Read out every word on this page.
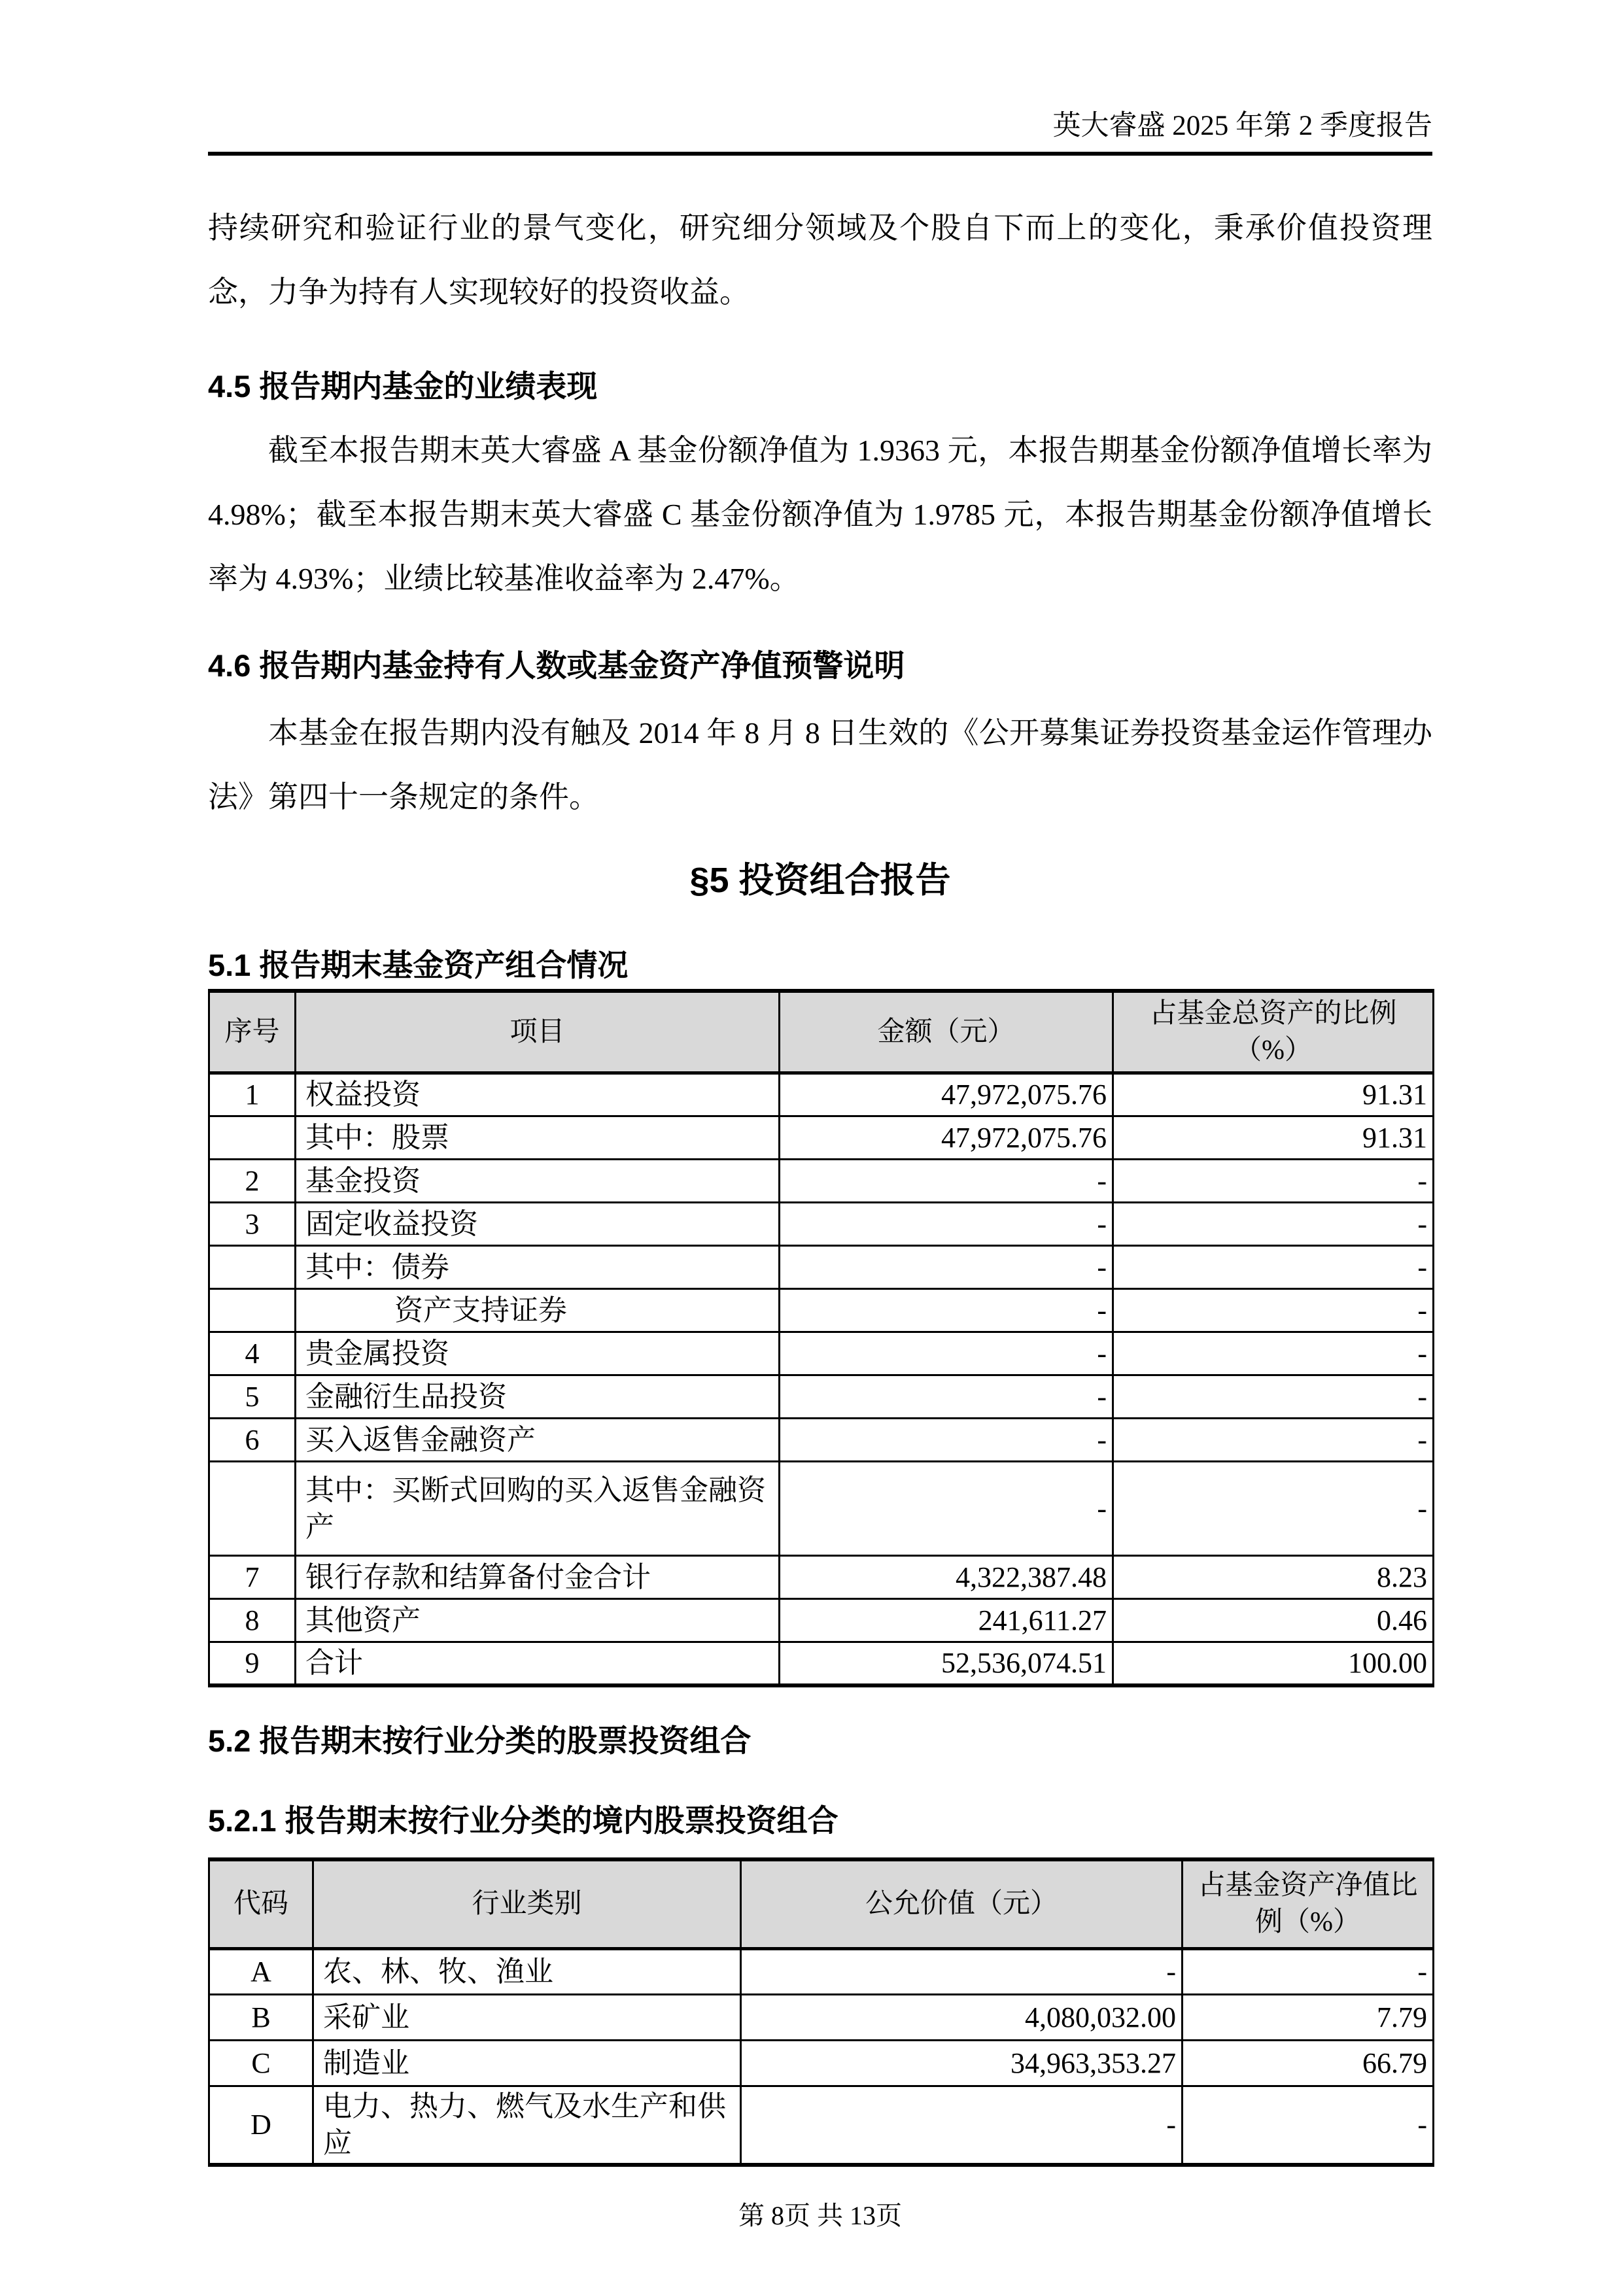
英大睿盛 2025 年第 2 季度报告

持续研究和验证行业的景气变化，研究细分领域及个股自下而上的变化，秉承价值投资理念，力争为持有人实现较好的投资收益。

4.5 报告期内基金的业绩表现

截至本报告期末英大睿盛 A 基金份额净值为 1.9363 元，本报告期基金份额净值增长率为 4.98%；截至本报告期末英大睿盛 C 基金份额净值为 1.9785 元，本报告期基金份额净值增长率为 4.93%；业绩比较基准收益率为 2.47%。

4.6 报告期内基金持有人数或基金资产净值预警说明

本基金在报告期内没有触及 2014 年 8 月 8 日生效的《公开募集证券投资基金运作管理办法》第四十一条规定的条件。

§5 投资组合报告
5.1 报告期末基金资产组合情况
序号	项目	金额（元）	占基金总资产的比例（%）
1	权益投资	47,972,075.76	91.31
	其中：股票	47,972,075.76	91.31
2	基金投资	-	-
3	固定收益投资	-	-
	其中：债券	-	-
	资产支持证券	-	-
4	贵金属投资	-	-
5	金融衍生品投资	-	-
6	买入返售金融资产	-	-
	其中：买断式回购的买入返售金融资产	-	-
7	银行存款和结算备付金合计	4,322,387.48	8.23
8	其他资产	241,611.27	0.46
9	合计	52,536,074.51	100.00
5.2 报告期末按行业分类的股票投资组合
5.2.1 报告期末按行业分类的境内股票投资组合
代码	行业类别	公允价值（元）	占基金资产净值比例（%）
A	农、林、牧、渔业	-	-
B	采矿业	4,080,032.00	7.79
C	制造业	34,963,353.27	66.79
D	电力、热力、燃气及水生产和供应	-	-
第 8页 共 13页
